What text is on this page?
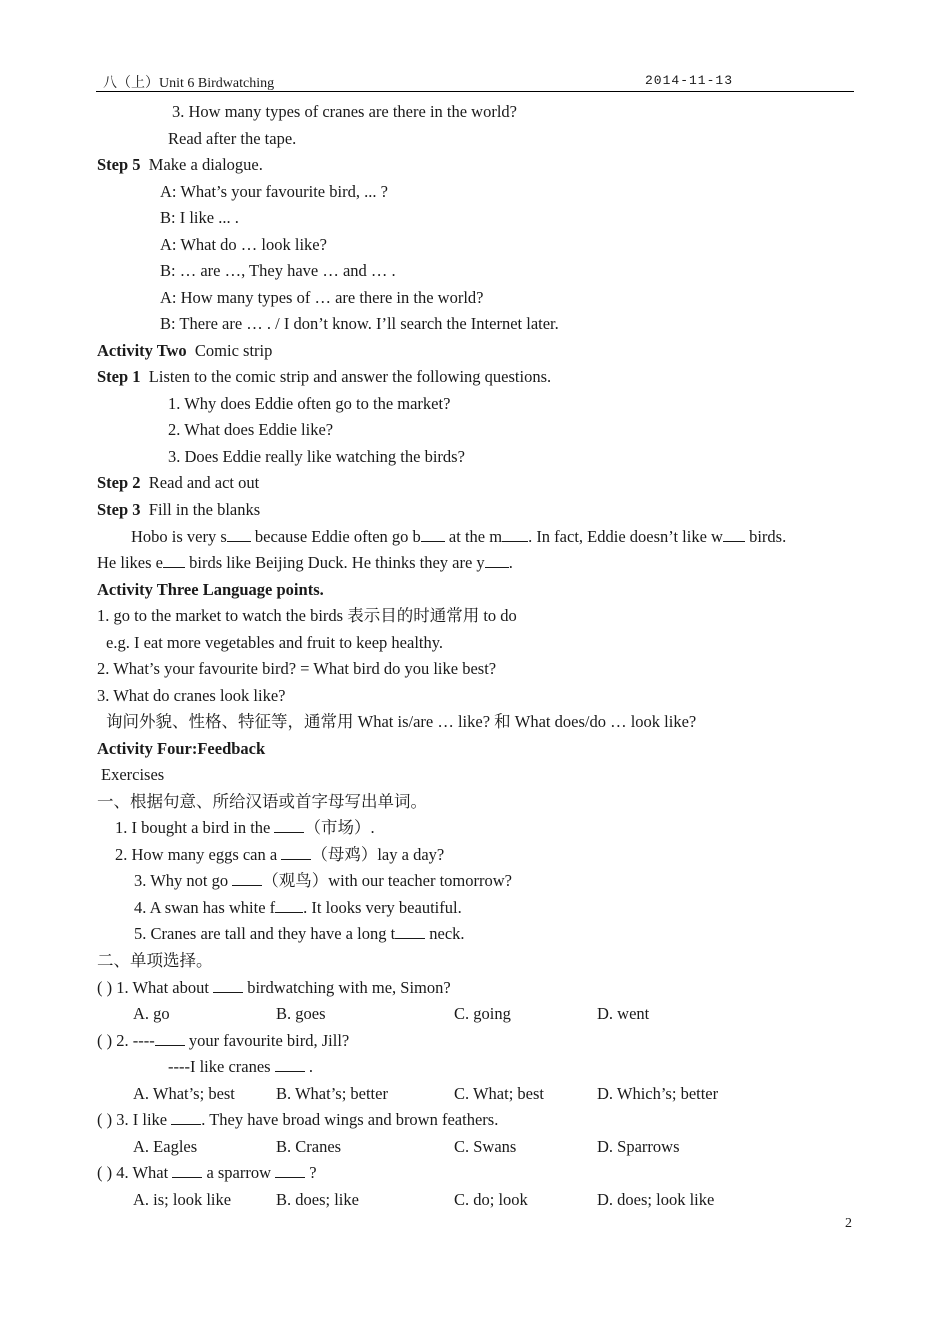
八（上）Unit 6 Birdwatching	2014-11-13
3. How many types of cranes are there in the world?
Read after the tape.
Step 5 Make a dialogue.
A: What’s your favourite bird, ... ?
B: I like ... .
A: What do … look like?
B: … are …, They have … and … .
A: How many types of … are there in the world?
B: There are … . / I don’t know. I’ll search the Internet later.
Activity Two Comic strip
Step 1 Listen to the comic strip and answer the following questions.
1. Why does Eddie often go to the market?
2. What does Eddie like?
3. Does Eddie really like watching the birds?
Step 2 Read and act out
Step 3 Fill in the blanks
Hobo is very s because Eddie often go b at the m . In fact, Eddie doesn’t like w birds.
He likes e birds like Beijing Duck. He thinks they are y .
Activity Three Language points.
1. go to the market to watch the birds 表示目的时通常用 to do
e.g. I eat more vegetables and fruit to keep healthy.
2. What’s your favourite bird? = What bird do you like best?
3. What do cranes look like?
询问外貌、性格、特征等，通常用 What is/are … like? 和 What does/do … look like?
Activity Four:Feedback
Exercises
一、根据句意、所给汉语或首字母写出单词。
1. I bought a bird in the （市场）.
2. How many eggs can a （母鸡）lay a day?
3. Why not go （观鸟）with our teacher tomorrow?
4. A swan has white f . It looks very beautiful.
5. Cranes are tall and they have a long t neck.
二、单项选择。
( ) 1. What about  birdwatching with me, Simon?
A. go	B. goes	C. going	D. went
( ) 2. ---- your favourite bird, Jill?
----I like cranes  .
A. What’s; best B. What’s; better	C. What; best	D. Which’s; better
( ) 3. I like . They have broad wings and brown feathers.
A. Eagles	B. Cranes	C. Swans	D. Sparrows
( ) 4. What  a sparrow  ?
A. is; look like	B. does; like	C. do; look	D. does; look like
2
